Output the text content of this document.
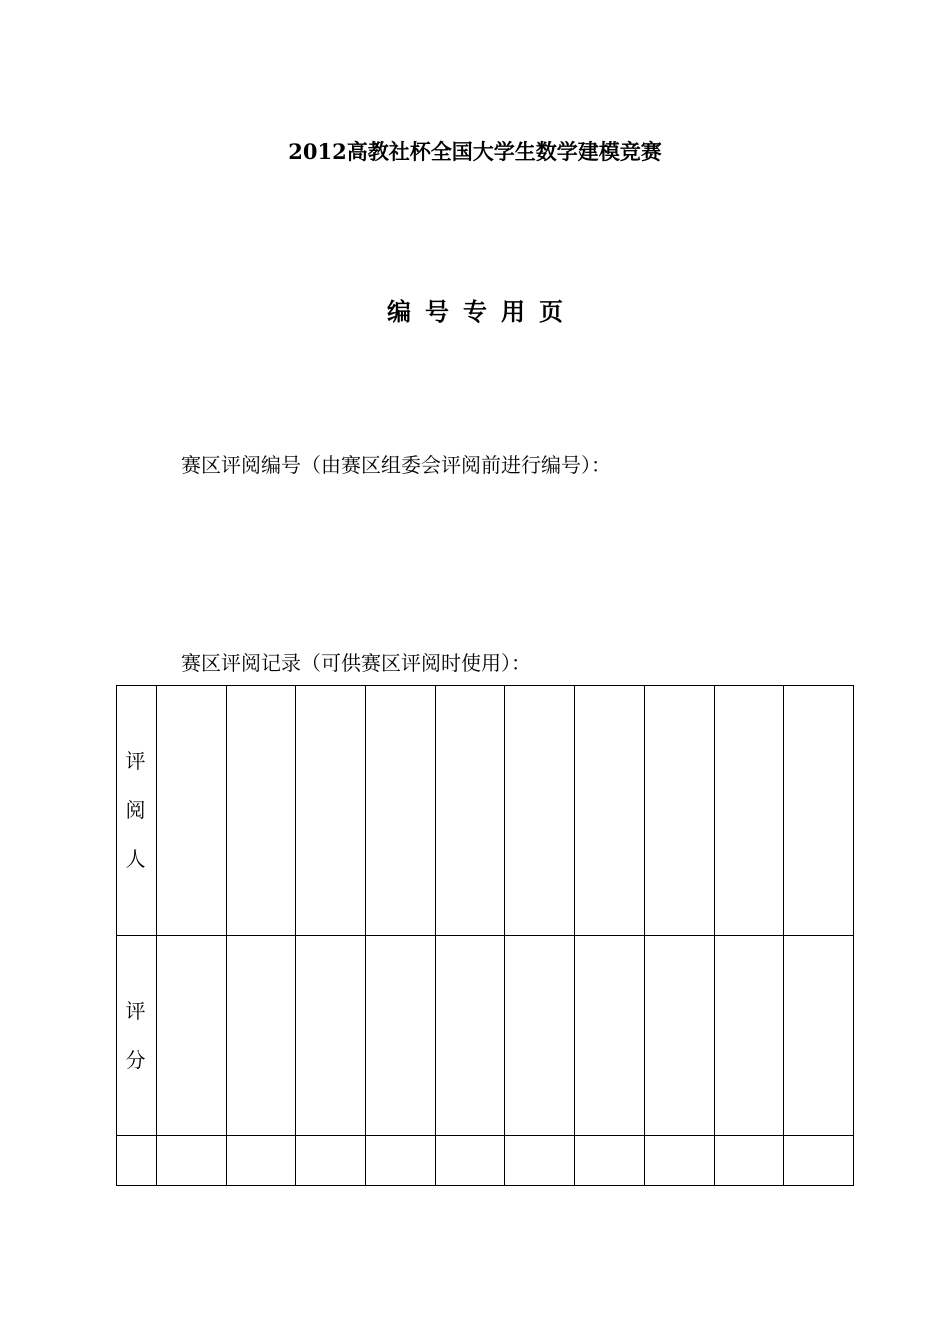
2012高教社杯全国大学生数学建模竞赛
编号专用页
赛区评阅编号（由赛区组委会评阅前进行编号）：
赛区评阅记录（可供赛区评阅时使用）：
评
阅
人										

评
分										
